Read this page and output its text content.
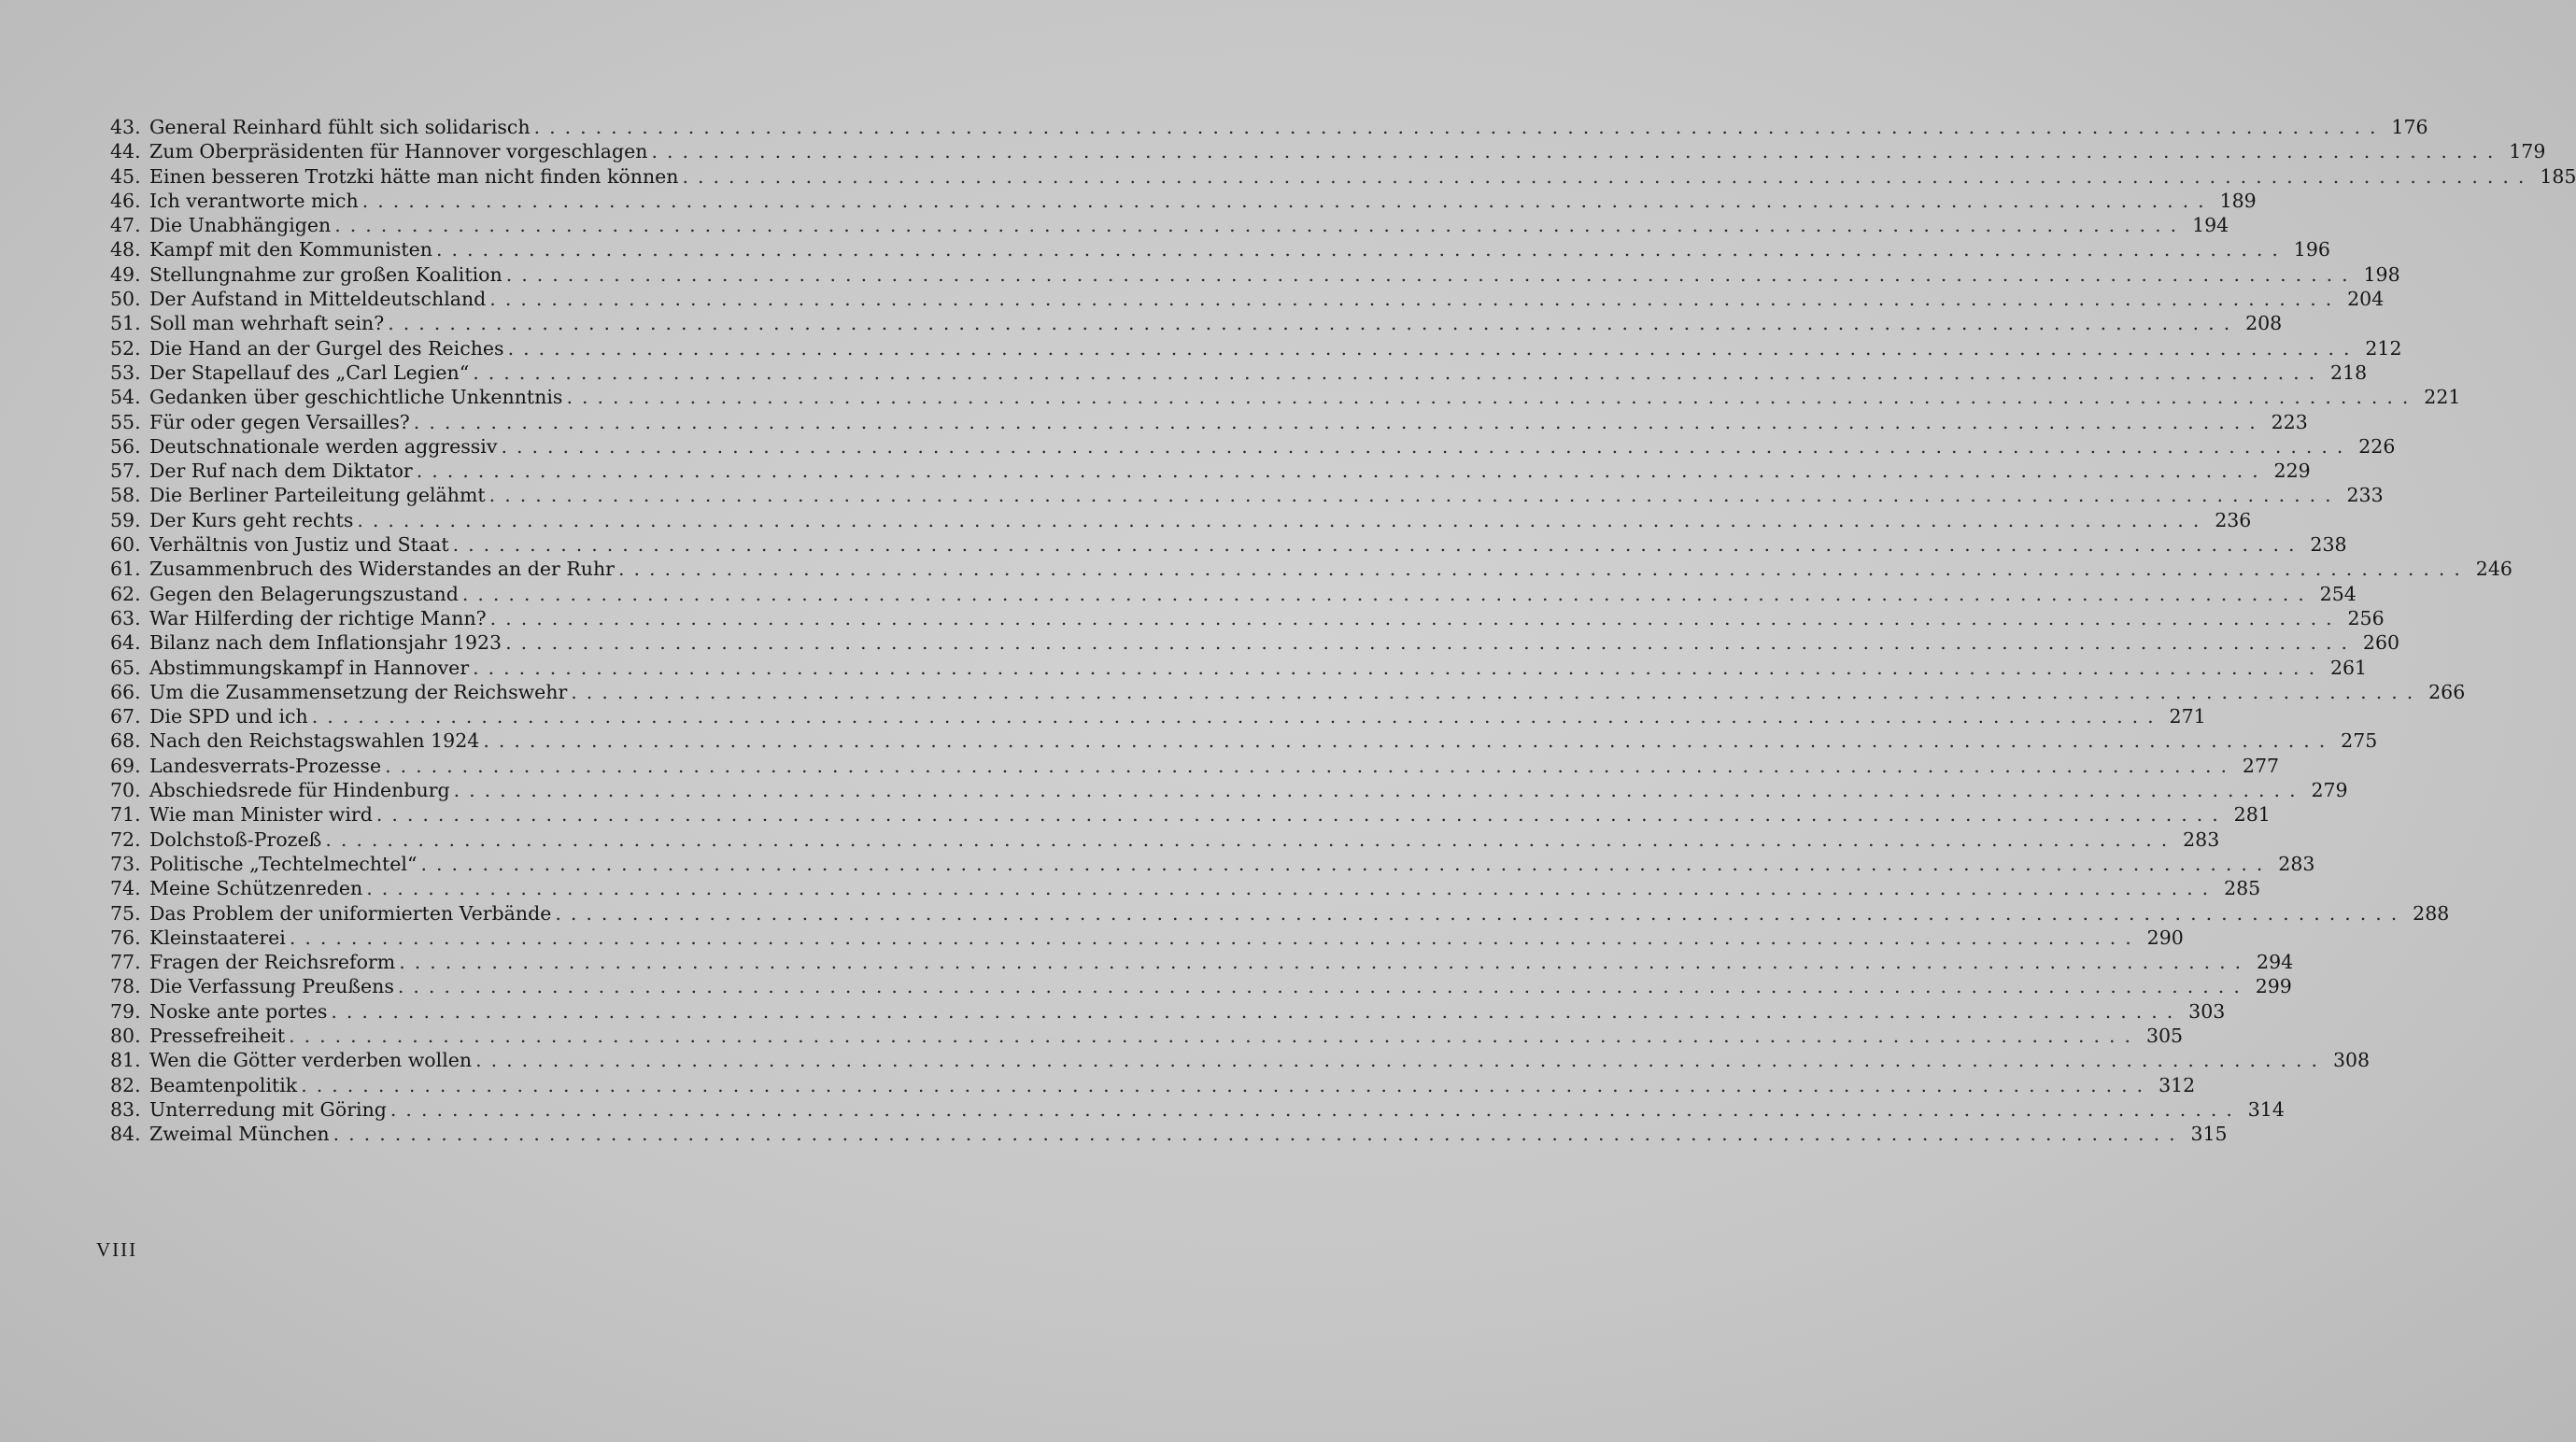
43. General Reinhard fühlt sich solidarisch ........................................................................................................................ 176
44. Zum Oberpräsidenten für Hannover vorgeschlagen ........................................................................................................................ 179
45. Einen besseren Trotzki hätte man nicht finden können ........................................................................................................................ 185
46. Ich verantworte mich ........................................................................................................................ 189
47. Die Unabhängigen ........................................................................................................................ 194
48. Kampf mit den Kommunisten ........................................................................................................................ 196
49. Stellungnahme zur großen Koalition ........................................................................................................................ 198
50. Der Aufstand in Mitteldeutschland ........................................................................................................................ 204
51. Soll man wehrhaft sein? ........................................................................................................................ 208
52. Die Hand an der Gurgel des Reiches ........................................................................................................................ 212
53. Der Stapellauf des „Carl Legien“ ........................................................................................................................ 218
54. Gedanken über geschichtliche Unkenntnis ........................................................................................................................ 221
55. Für oder gegen Versailles? ........................................................................................................................ 223
56. Deutschnationale werden aggressiv ........................................................................................................................ 226
57. Der Ruf nach dem Diktator ........................................................................................................................ 229
58. Die Berliner Parteileitung gelähmt ........................................................................................................................ 233
59. Der Kurs geht rechts ........................................................................................................................ 236
60. Verhältnis von Justiz und Staat ........................................................................................................................ 238
61. Zusammenbruch des Widerstandes an der Ruhr ........................................................................................................................ 246
62. Gegen den Belagerungszustand ........................................................................................................................ 254
63. War Hilferding der richtige Mann? ........................................................................................................................ 256
64. Bilanz nach dem Inflationsjahr 1923 ........................................................................................................................ 260
65. Abstimmungskampf in Hannover ........................................................................................................................ 261
66. Um die Zusammensetzung der Reichswehr ........................................................................................................................ 266
67. Die SPD und ich ........................................................................................................................ 271
68. Nach den Reichstagswahlen 1924 ........................................................................................................................ 275
69. Landesverrats-Prozesse ........................................................................................................................ 277
70. Abschiedsrede für Hindenburg ........................................................................................................................ 279
71. Wie man Minister wird ........................................................................................................................ 281
72. Dolchstoß-Prozeß ........................................................................................................................ 283
73. Politische „Techtelmechtel“ ........................................................................................................................ 283
74. Meine Schützenreden ........................................................................................................................ 285
75. Das Problem der uniformierten Verbände ........................................................................................................................ 288
76. Kleinstaaterei ........................................................................................................................ 290
77. Fragen der Reichsreform ........................................................................................................................ 294
78. Die Verfassung Preußens ........................................................................................................................ 299
79. Noske ante portes ........................................................................................................................ 303
80. Pressefreiheit ........................................................................................................................ 305
81. Wen die Götter verderben wollen ........................................................................................................................ 308
82. Beamtenpolitik ........................................................................................................................ 312
83. Unterredung mit Göring ........................................................................................................................ 314
84. Zweimal München ........................................................................................................................ 315
VIII
